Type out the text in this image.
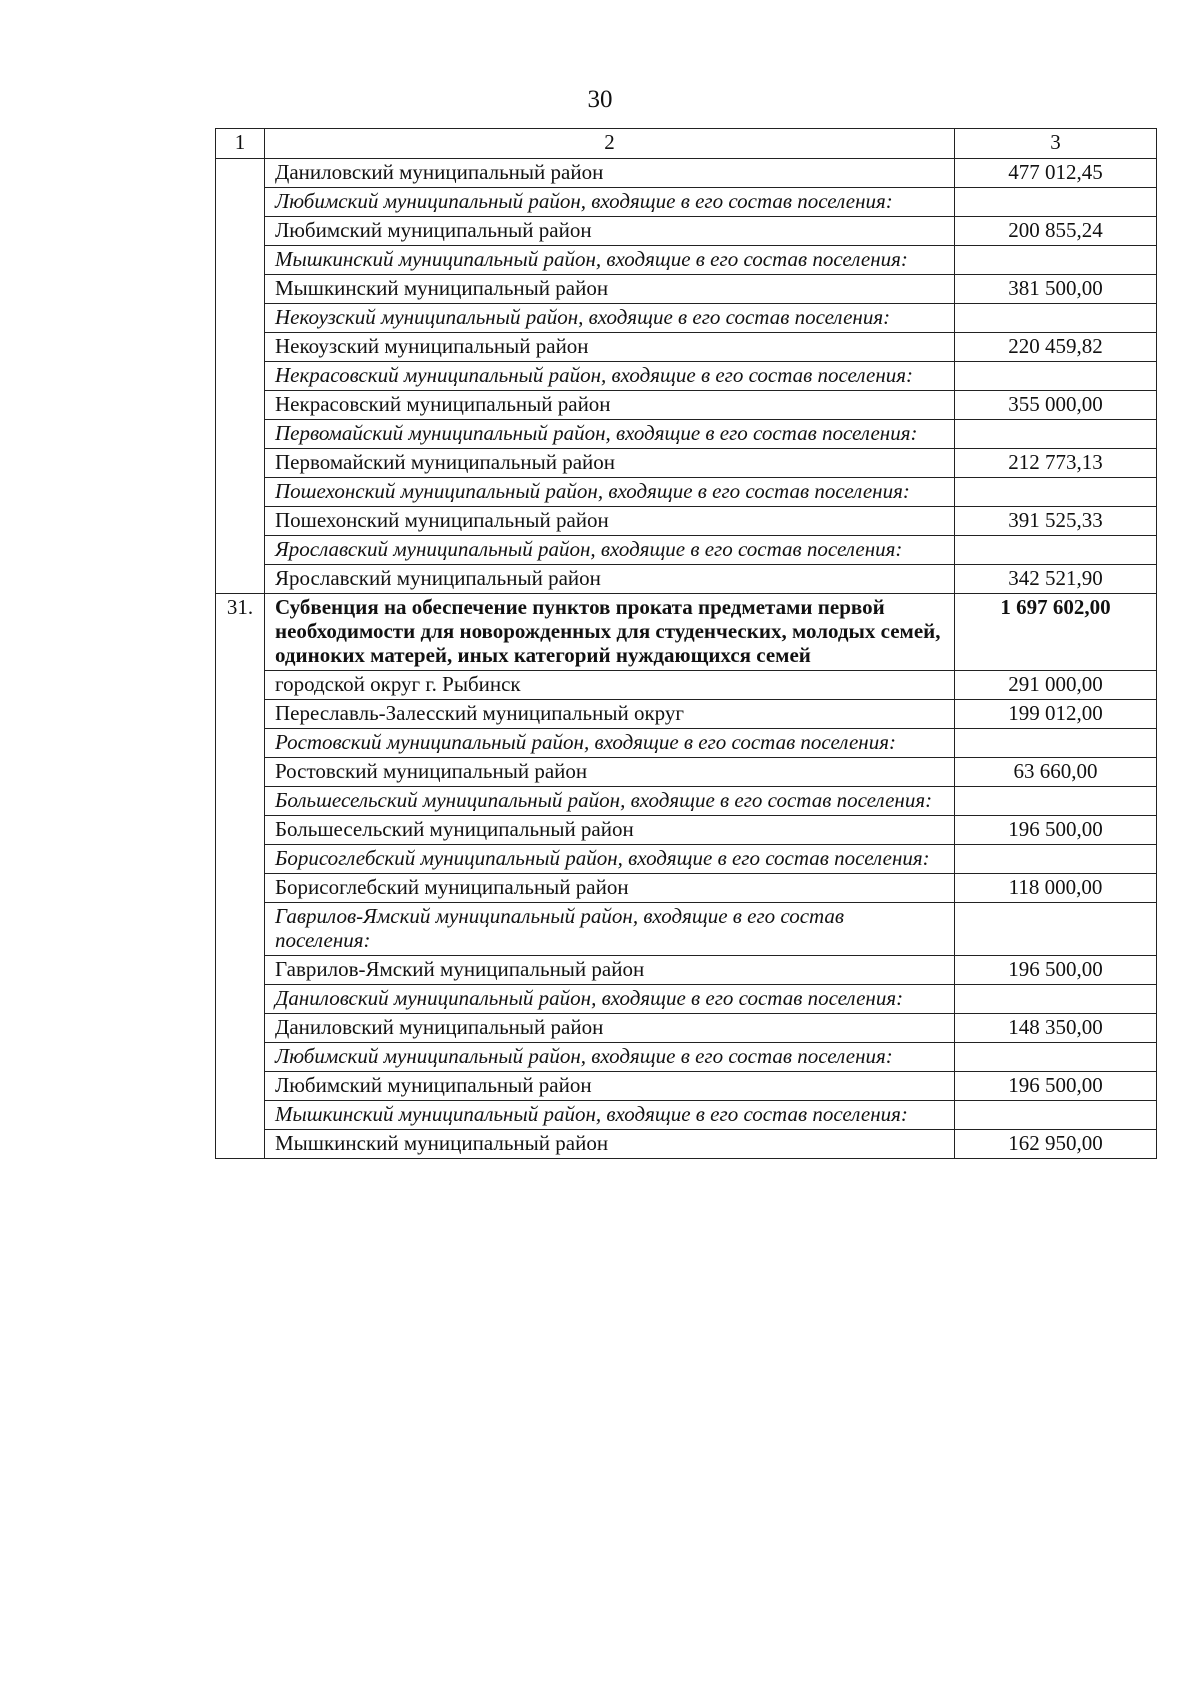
30
1	2	3
	Даниловский муниципальный район	477 012,45
	Любимский муниципальный район, входящие в его состав поселения:	
	Любимский муниципальный район	200 855,24
	Мышкинский муниципальный район, входящие в его состав поселения:	
	Мышкинский муниципальный район	381 500,00
	Некоузский муниципальный район, входящие в его состав поселения:	
	Некоузский муниципальный район	220 459,82
	Некрасовский муниципальный район, входящие в его состав поселения:	
	Некрасовский муниципальный район	355 000,00
	Первомайский муниципальный район, входящие в его состав поселения:	
	Первомайский муниципальный район	212 773,13
	Пошехонский муниципальный район, входящие в его состав поселения:	
	Пошехонский муниципальный район	391 525,33
	Ярославский муниципальный район, входящие в его состав поселения:	
	Ярославский муниципальный район	342 521,90
31.	Субвенция на обеспечение пунктов проката предметами первой необходимости для новорожденных для студенческих, молодых семей, одиноких матерей, иных категорий нуждающихся семей	1 697 602,00
	городской округ г. Рыбинск	291 000,00
	Переславль-Залесский муниципальный округ	199 012,00
	Ростовский муниципальный район, входящие в его состав поселения:	
	Ростовский муниципальный район	63 660,00
	Большесельский муниципальный район, входящие в его состав поселения:	
	Большесельский муниципальный район	196 500,00
	Борисоглебский муниципальный район, входящие в его состав поселения:	
	Борисоглебский муниципальный район	118 000,00
	Гаврилов-Ямский муниципальный район, входящие в его состав поселения:	
	Гаврилов-Ямский муниципальный район	196 500,00
	Даниловский муниципальный район, входящие в его состав поселения:	
	Даниловский муниципальный район	148 350,00
	Любимский муниципальный район, входящие в его состав поселения:	
	Любимский муниципальный район	196 500,00
	Мышкинский муниципальный район, входящие в его состав поселения:	
	Мышкинский муниципальный район	162 950,00
